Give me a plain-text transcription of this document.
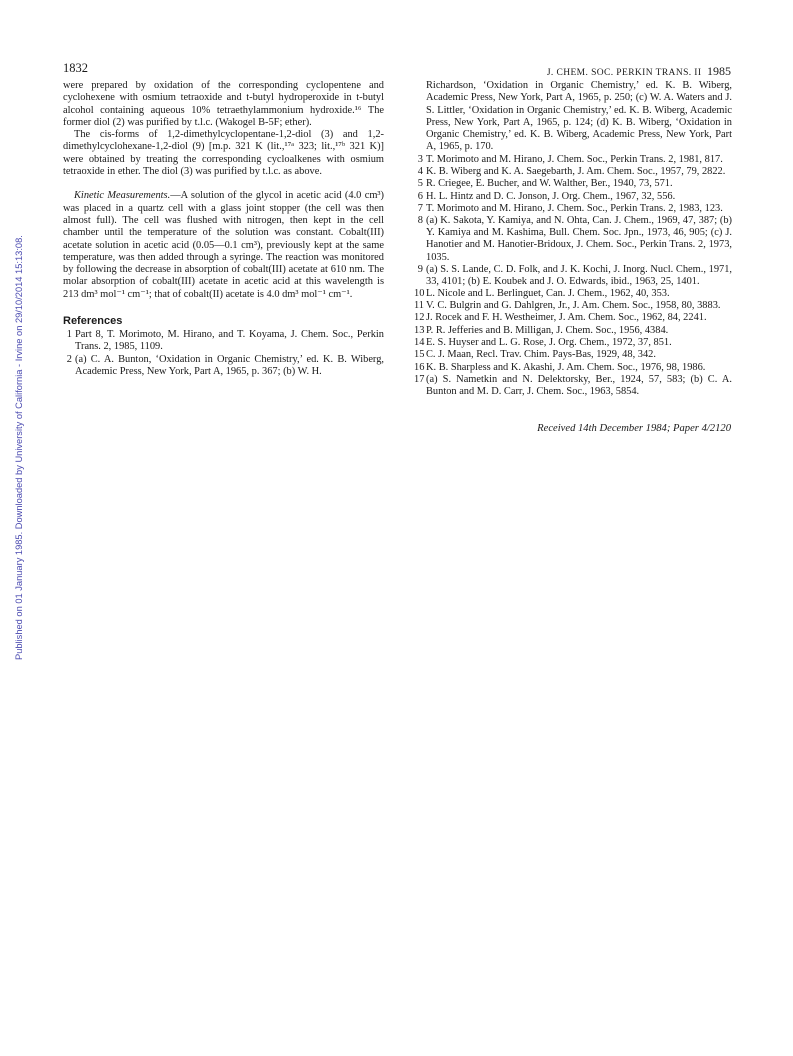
Published on 01 January 1985. Downloaded by University of California - Irvine on 29/10/2014 15:13:08.
1832	J. CHEM. SOC. PERKIN TRANS. II 1985

were prepared by oxidation of the corresponding cyclopentene and cyclohexene with osmium tetraoxide and t-butyl hydroperoxide in t-butyl alcohol containing aqueous 10% tetraethylammonium hydroxide.¹⁶ The former diol (2) was purified by t.l.c. (Wakogel B-5F; ether).

The cis-forms of 1,2-dimethylcyclopentane-1,2-diol (3) and 1,2-dimethylcyclohexane-1,2-diol (9) [m.p. 321 K (lit.,¹⁷ᵃ 323; lit.,¹⁷ᵇ 321 K)] were obtained by treating the corresponding cycloalkenes with osmium tetraoxide in ether. The diol (3) was purified by t.l.c. as above.

Kinetic Measurements.—A solution of the glycol in acetic acid (4.0 cm³) was placed in a quartz cell with a glass joint stopper (the cell was then almost full). The cell was flushed with nitrogen, then kept in the cell chamber until the temperature of the solution was constant. Cobalt(III) acetate solution in acetic acid (0.05—0.1 cm³), previously kept at the same temperature, was then added through a syringe. The reaction was monitored by following the decrease in absorption of cobalt(III) acetate at 610 nm. The molar absorption of cobalt(III) acetate in acetic acid at this wavelength is 213 dm³ mol⁻¹ cm⁻¹; that of cobalt(II) acetate is 4.0 dm³ mol⁻¹ cm⁻¹.

References
1 Part 8, T. Morimoto, M. Hirano, and T. Koyama, J. Chem. Soc., Perkin Trans. 2, 1985, 1109.
2 (a) C. A. Bunton, ‘Oxidation in Organic Chemistry,’ ed. K. B. Wiberg, Academic Press, New York, Part A, 1965, p. 367; (b) W. H.
Richardson, ‘Oxidation in Organic Chemistry,’ ed. K. B. Wiberg, Academic Press, New York, Part A, 1965, p. 250; (c) W. A. Waters and J. S. Littler, ‘Oxidation in Organic Chemistry,’ ed. K. B. Wiberg, Academic Press, New York, Part A, 1965, p. 124; (d) K. B. Wiberg, ‘Oxidation in Organic Chemistry,’ ed. K. B. Wiberg, Academic Press, New York, Part A, 1965, p. 170.
3 T. Morimoto and M. Hirano, J. Chem. Soc., Perkin Trans. 2, 1981, 817.
4 K. B. Wiberg and K. A. Saegebarth, J. Am. Chem. Soc., 1957, 79, 2822.
5 R. Criegee, E. Bucher, and W. Walther, Ber., 1940, 73, 571.
6 H. L. Hintz and D. C. Jonson, J. Org. Chem., 1967, 32, 556.
7 T. Morimoto and M. Hirano, J. Chem. Soc., Perkin Trans. 2, 1983, 123.
8 (a) K. Sakota, Y. Kamiya, and N. Ohta, Can. J. Chem., 1969, 47, 387; (b) Y. Kamiya and M. Kashima, Bull. Chem. Soc. Jpn., 1973, 46, 905; (c) J. Hanotier and M. Hanotier-Bridoux, J. Chem. Soc., Perkin Trans. 2, 1973, 1035.
9 (a) S. S. Lande, C. D. Folk, and J. K. Kochi, J. Inorg. Nucl. Chem., 1971, 33, 4101; (b) E. Koubek and J. O. Edwards, ibid., 1963, 25, 1401.
10 L. Nicole and L. Berlinguet, Can. J. Chem., 1962, 40, 353.
11 V. C. Bulgrin and G. Dahlgren, Jr., J. Am. Chem. Soc., 1958, 80, 3883.
12 J. Rocek and F. H. Westheimer, J. Am. Chem. Soc., 1962, 84, 2241.
13 P. R. Jefferies and B. Milligan, J. Chem. Soc., 1956, 4384.
14 E. S. Huyser and L. G. Rose, J. Org. Chem., 1972, 37, 851.
15 C. J. Maan, Recl. Trav. Chim. Pays-Bas, 1929, 48, 342.
16 K. B. Sharpless and K. Akashi, J. Am. Chem. Soc., 1976, 98, 1986.
17 (a) S. Nametkin and N. Delektorsky, Ber., 1924, 57, 583; (b) C. A. Bunton and M. D. Carr, J. Chem. Soc., 1963, 5854.
Received 14th December 1984; Paper 4/2120
